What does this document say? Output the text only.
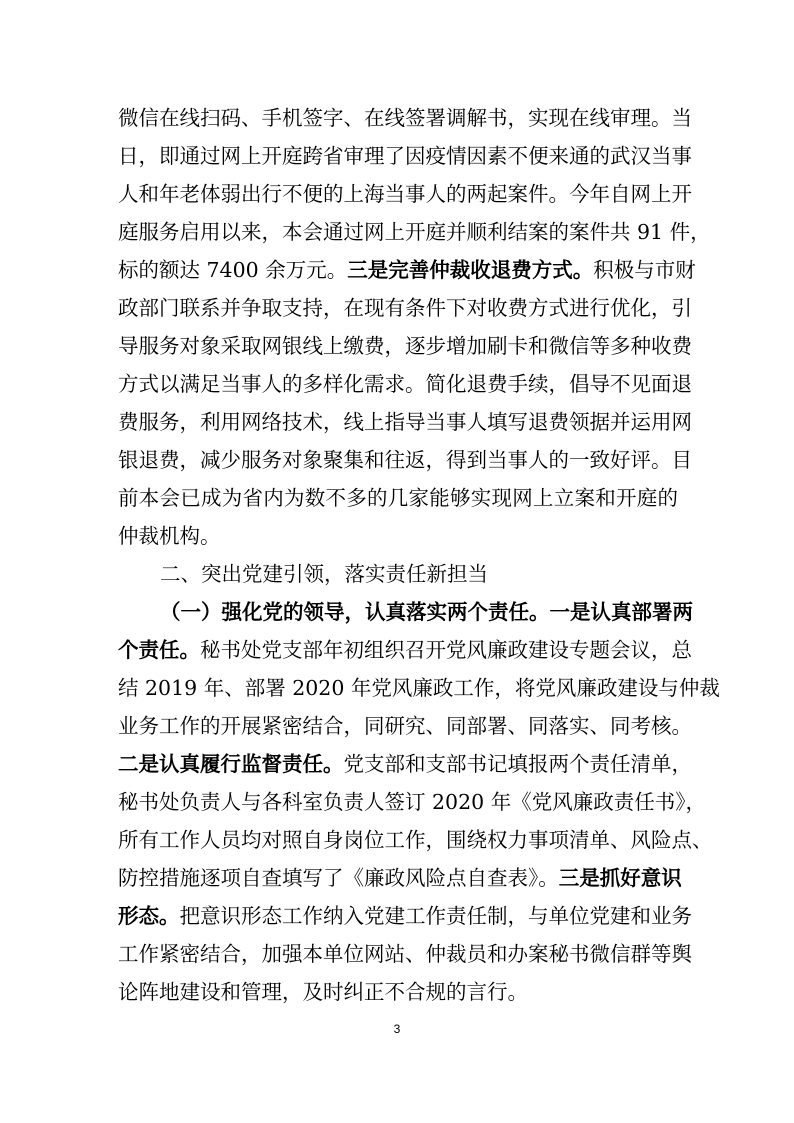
微信在线扫码、手机签字、在线签署调解书，实现在线审理。当
日，即通过网上开庭跨省审理了因疫情因素不便来通的武汉当事
人和年老体弱出行不便的上海当事人的两起案件。今年自网上开
庭服务启用以来，本会通过网上开庭并顺利结案的案件共 91 件，
标的额达 7400 余万元。三是完善仲裁收退费方式。积极与市财
政部门联系并争取支持，在现有条件下对收费方式进行优化，引
导服务对象采取网银线上缴费，逐步增加刷卡和微信等多种收费
方式以满足当事人的多样化需求。简化退费手续，倡导不见面退
费服务，利用网络技术，线上指导当事人填写退费领据并运用网
银退费，减少服务对象聚集和往返，得到当事人的一致好评。目
前本会已成为省内为数不多的几家能够实现网上立案和开庭的
仲裁机构。
二、突出党建引领，落实责任新担当
（一）强化党的领导，认真落实两个责任。一是认真部署两
个责任。秘书处党支部年初组织召开党风廉政建设专题会议，总
结 2019 年、部署 2020 年党风廉政工作，将党风廉政建设与仲裁
业务工作的开展紧密结合，同研究、同部署、同落实、同考核。
二是认真履行监督责任。党支部和支部书记填报两个责任清单，
秘书处负责人与各科室负责人签订 2020 年《党风廉政责任书》，
所有工作人员均对照自身岗位工作，围绕权力事项清单、风险点、
防控措施逐项自查填写了《廉政风险点自查表》。三是抓好意识
形态。把意识形态工作纳入党建工作责任制，与单位党建和业务
工作紧密结合，加强本单位网站、仲裁员和办案秘书微信群等舆
论阵地建设和管理，及时纠正不合规的言行。
3
